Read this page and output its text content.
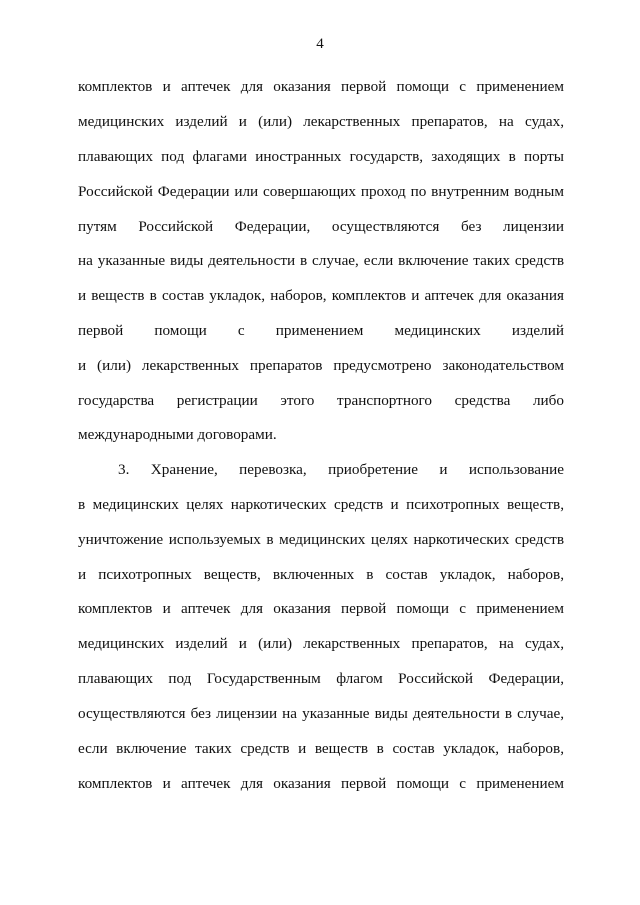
4
комплектов и аптечек для оказания первой помощи с применением
медицинских изделий и (или) лекарственных препаратов, на судах,
плавающих под флагами иностранных государств, заходящих в порты
Российской Федерации или совершающих проход по внутренним водным
путям Российской Федерации, осуществляются без лицензии
на указанные виды деятельности в случае, если включение таких средств
и веществ в состав укладок, наборов, комплектов и аптечек для оказания
первой помощи с применением медицинских изделий
и (или) лекарственных препаратов предусмотрено законодательством
государства регистрации этого транспортного средства либо
международными договорами.
3. Хранение, перевозка, приобретение и использование
в медицинских целях наркотических средств и психотропных веществ,
уничтожение используемых в медицинских целях наркотических средств
и психотропных веществ, включенных в состав укладок, наборов,
комплектов и аптечек для оказания первой помощи с применением
медицинских изделий и (или) лекарственных препаратов, на судах,
плавающих под Государственным флагом Российской Федерации,
осуществляются без лицензии на указанные виды деятельности в случае,
если включение таких средств и веществ в состав укладок, наборов,
комплектов и аптечек для оказания первой помощи с применением
